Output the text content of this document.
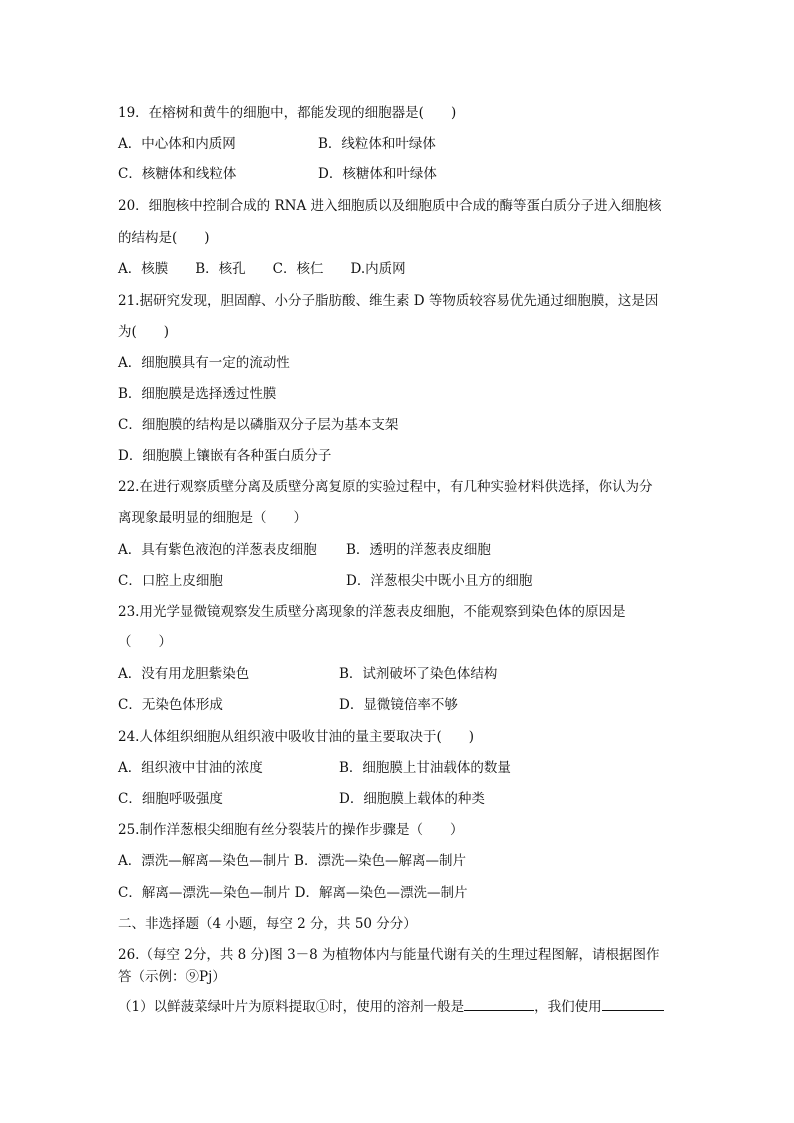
19．在榕树和黄牛的细胞中，都能发现的细胞器是(　　)
A．中心体和内质网	B．线粒体和叶绿体
C．核糖体和线粒体	D．核糖体和叶绿体
20．细胞核中控制合成的 RNA 进入细胞质以及细胞质中合成的酶等蛋白质分子进入细胞核
的结构是(　　)
A．核膜　　B．核孔　　C．核仁　　D.内质网
21.据研究发现，胆固醇、小分子脂肪酸、维生素 D 等物质较容易优先通过细胞膜，这是因
为(　　)
A．细胞膜具有一定的流动性
B．细胞膜是选择透过性膜
C．细胞膜的结构是以磷脂双分子层为基本支架
D．细胞膜上镶嵌有各种蛋白质分子
22.在进行观察质壁分离及质壁分离复原的实验过程中，有几种实验材料供选择，你认为分
离现象最明显的细胞是（　　）
A．具有紫色液泡的洋葱表皮细胞 B．透明的洋葱表皮细胞
C．口腔上皮细胞	D．洋葱根尖中既小且方的细胞
23.用光学显微镜观察发生质壁分离现象的洋葱表皮细胞，不能观察到染色体的原因是
（　　）
A．没有用龙胆紫染色	B．试剂破坏了染色体结构
C．无染色体形成	D．显微镜倍率不够
24.人体组织细胞从组织液中吸收甘油的量主要取决于(　　)
A．组织液中甘油的浓度	B．细胞膜上甘油载体的数量
C．细胞呼吸强度	D．细胞膜上载体的种类
25.制作洋葱根尖细胞有丝分裂装片的操作步骤是（　　）
A．漂洗—解离—染色—制片 B．漂洗—染色—解离—制片
C．解离—漂洗—染色—制片 D．解离—染色—漂洗—制片
二、非选择题（4 小题，每空 2 分，共 50 分分）
26.（每空 2分，共 8 分)图 3－8 为植物体内与能量代谢有关的生理过程图解，请根据图作
答（示例：⑨Pj）
（1）以鲜菠菜绿叶片为原料提取①时，使用的溶剂一般是	，我们使用
